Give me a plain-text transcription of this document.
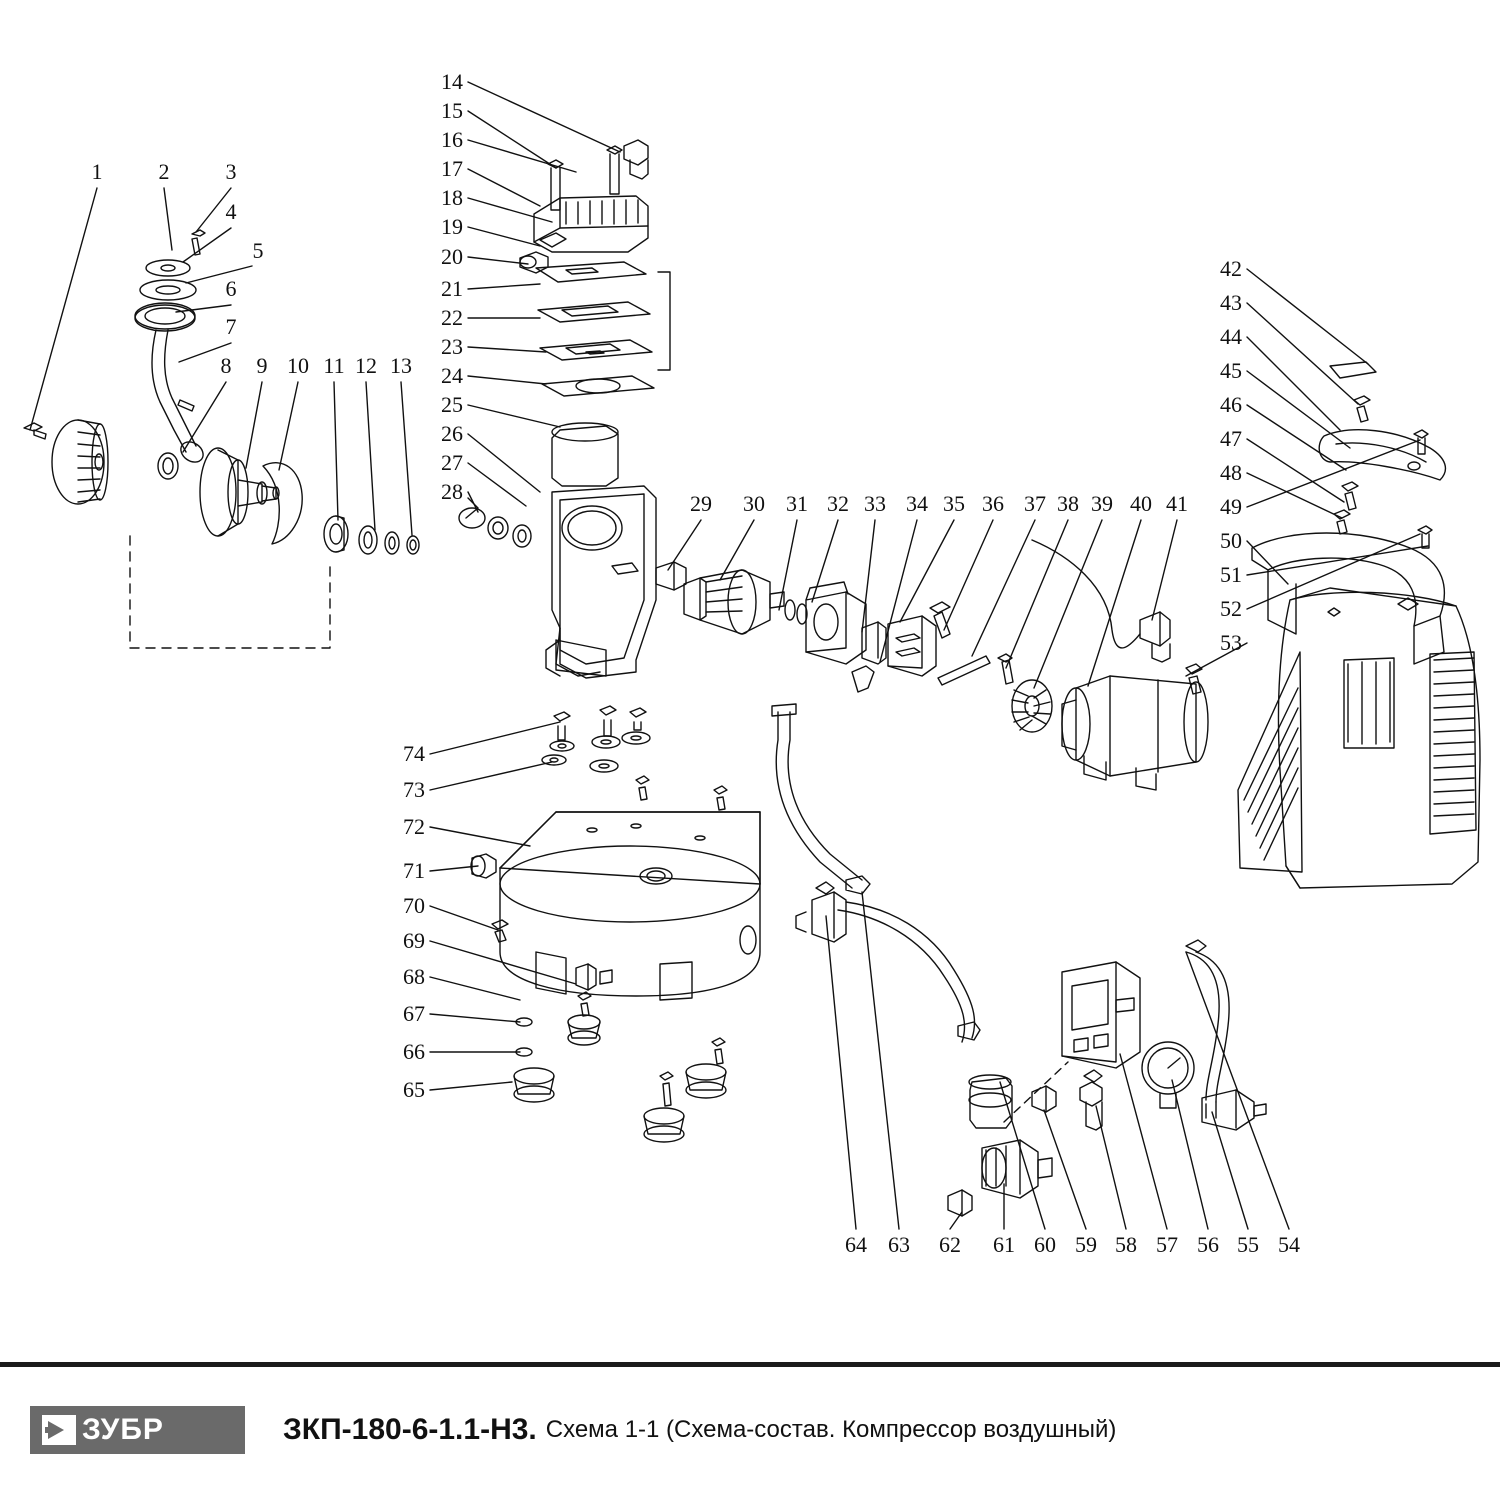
1	2	3
4
5
6
7
8 9 10 11 12 13
14
15
16
17
18
19
20
21
22
23
24
25
26
27
28	29 30 31 32 33 34 35 36 37 38 39 40 41
42
43
44
45
46
47
48
49
50
51
52
53
54
55
56
57
58
59
60
61
62
63
64
65
66
67
68
69
70
71
72
73
74
ЗУБР	ЗКП-180-6-1.1-Н3. Схема 1-1 (Схема-состав. Компрессор воздушный)
